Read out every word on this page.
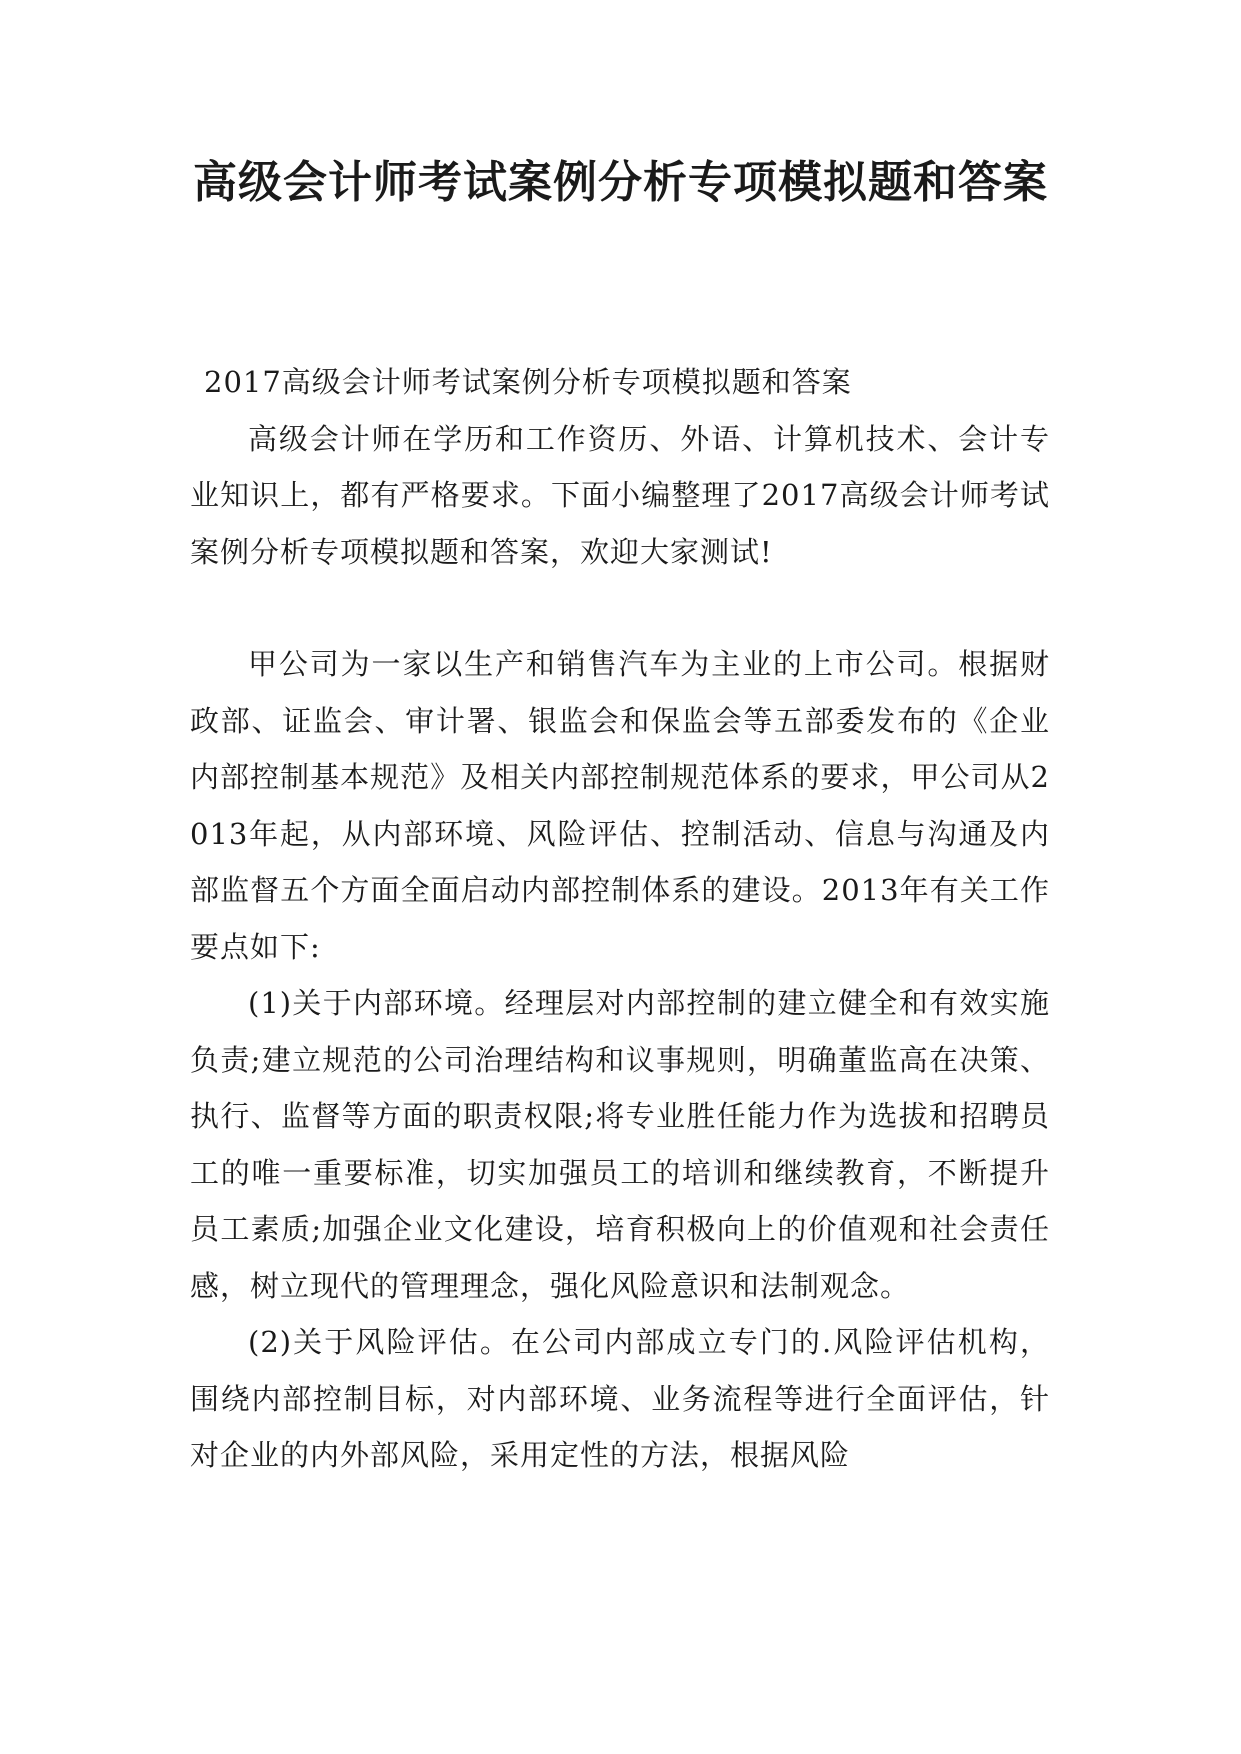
高级会计师考试案例分析专项模拟题和答案

2017高级会计师考试案例分析专项模拟题和答案

高级会计师在学历和工作资历、外语、计算机技术、会计专业知识上，都有严格要求。下面小编整理了2017高级会计师考试案例分析专项模拟题和答案，欢迎大家测试!

甲公司为一家以生产和销售汽车为主业的上市公司。根据财政部、证监会、审计署、银监会和保监会等五部委发布的《企业内部控制基本规范》及相关内部控制规范体系的要求，甲公司从2013年起，从内部环境、风险评估、控制活动、信息与沟通及内部监督五个方面全面启动内部控制体系的建设。2013年有关工作要点如下:

(1)关于内部环境。经理层对内部控制的建立健全和有效实施负责;建立规范的公司治理结构和议事规则，明确董监高在决策、执行、监督等方面的职责权限;将专业胜任能力作为选拔和招聘员工的唯一重要标准，切实加强员工的培训和继续教育，不断提升员工素质;加强企业文化建设，培育积极向上的价值观和社会责任感，树立现代的管理理念，强化风险意识和法制观念。

(2)关于风险评估。在公司内部成立专门的.风险评估机构，围绕内部控制目标，对内部环境、业务流程等进行全面评估，针对企业的内外部风险，采用定性的方法，根据风险
